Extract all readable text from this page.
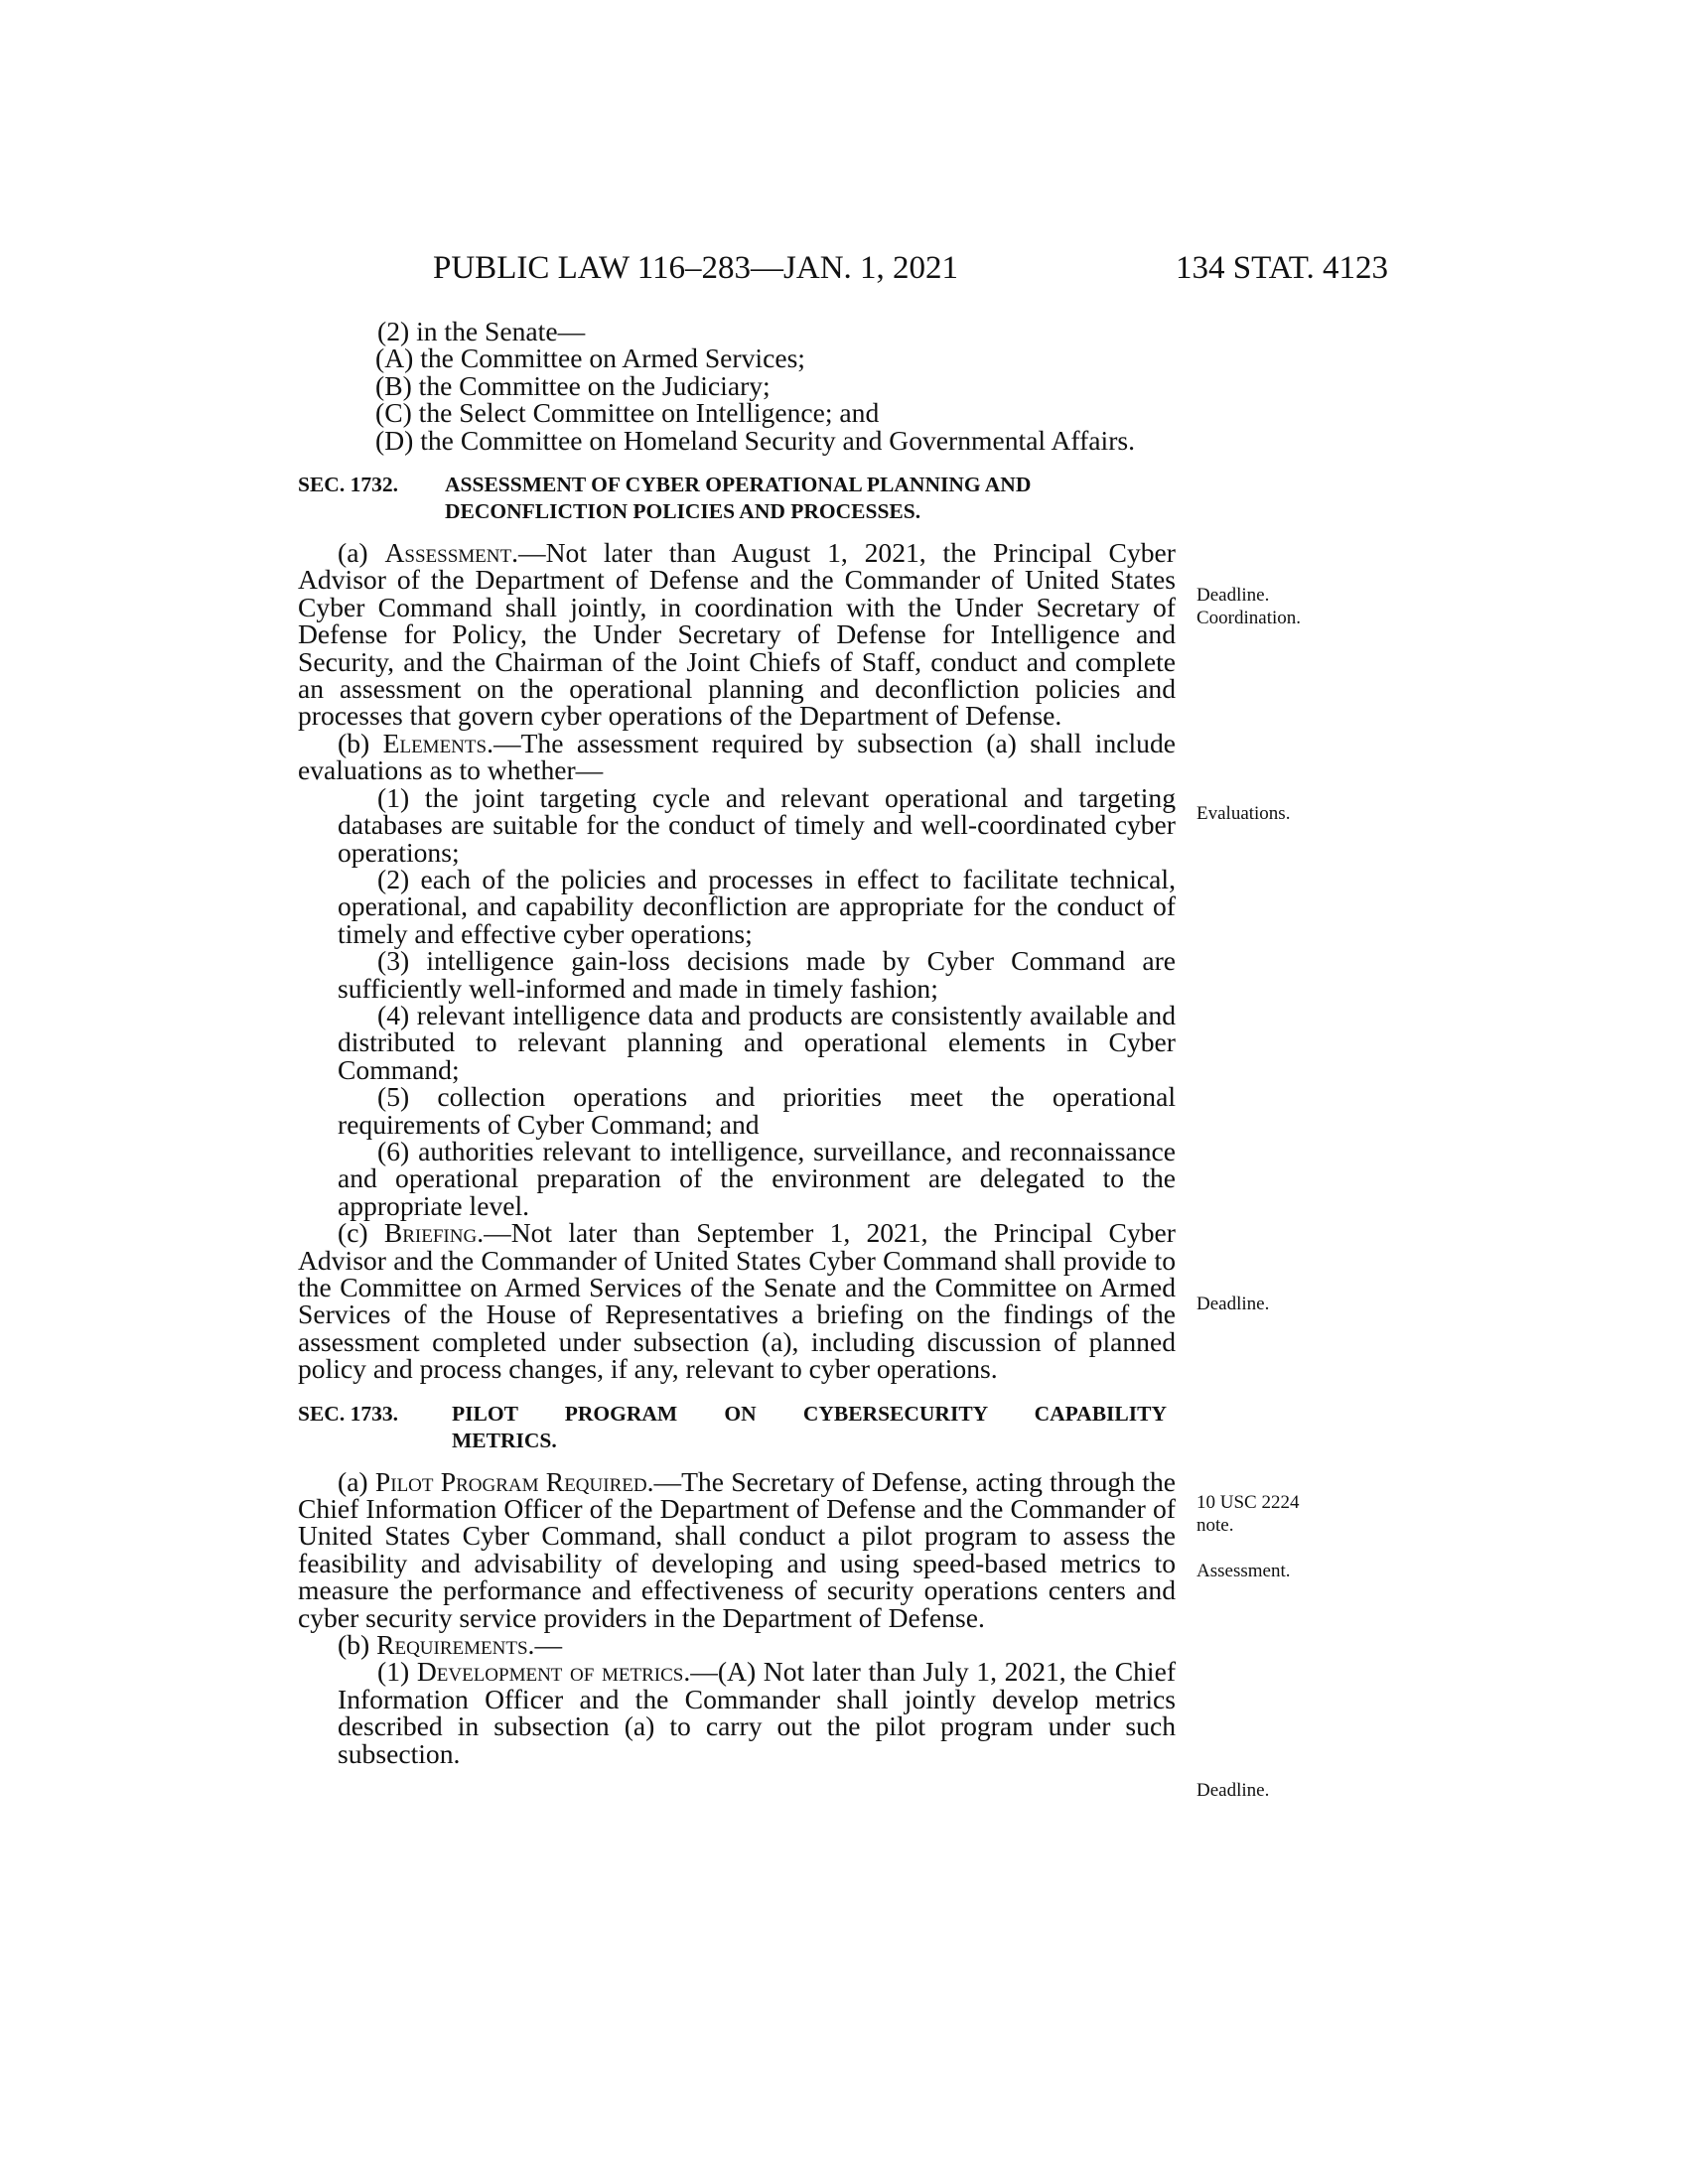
PUBLIC LAW 116–283—JAN. 1, 2021	134 STAT. 4123

(2) in the Senate—

(A) the Committee on Armed Services;

(B) the Committee on the Judiciary;

(C) the Select Committee on Intelligence; and

(D) the Committee on Homeland Security and Governmental Affairs.

SEC. 1732. ASSESSMENT OF CYBER OPERATIONAL PLANNING AND DECONFLICTION POLICIES AND PROCESSES.

(a) Assessment.—Not later than August 1, 2021, the Principal Cyber Advisor of the Department of Defense and the Commander of United States Cyber Command shall jointly, in coordination with the Under Secretary of Defense for Policy, the Under Secretary of Defense for Intelligence and Security, and the Chairman of the Joint Chiefs of Staff, conduct and complete an assessment on the operational planning and deconfliction policies and processes that govern cyber operations of the Department of Defense.

(b) Elements.—The assessment required by subsection (a) shall include evaluations as to whether—

(1) the joint targeting cycle and relevant operational and targeting databases are suitable for the conduct of timely and well-coordinated cyber operations;

(2) each of the policies and processes in effect to facilitate technical, operational, and capability deconfliction are appropriate for the conduct of timely and effective cyber operations;

(3) intelligence gain-loss decisions made by Cyber Command are sufficiently well-informed and made in timely fashion;

(4) relevant intelligence data and products are consistently available and distributed to relevant planning and operational elements in Cyber Command;

(5) collection operations and priorities meet the operational requirements of Cyber Command; and

(6) authorities relevant to intelligence, surveillance, and reconnaissance and operational preparation of the environment are delegated to the appropriate level.

(c) Briefing.—Not later than September 1, 2021, the Principal Cyber Advisor and the Commander of United States Cyber Command shall provide to the Committee on Armed Services of the Senate and the Committee on Armed Services of the House of Representatives a briefing on the findings of the assessment completed under subsection (a), including discussion of planned policy and process changes, if any, relevant to cyber operations.

SEC. 1733.	PILOT PROGRAM ON CYBERSECURITY CAPABILITY
METRICS.

(a) Pilot Program Required.—The Secretary of Defense, acting through the Chief Information Officer of the Department of Defense and the Commander of United States Cyber Command, shall conduct a pilot program to assess the feasibility and advisability of developing and using speed-based metrics to measure the performance and effectiveness of security operations centers and cyber security service providers in the Department of Defense.

(b) Requirements.—

(1) Development of metrics.—(A) Not later than July 1, 2021, the Chief Information Officer and the Commander shall jointly develop metrics described in subsection (a) to carry out the pilot program under such subsection.

Deadline.
Coordination.
Evaluations.
Deadline.
10 USC 2224
note.
Assessment.
Deadline.
